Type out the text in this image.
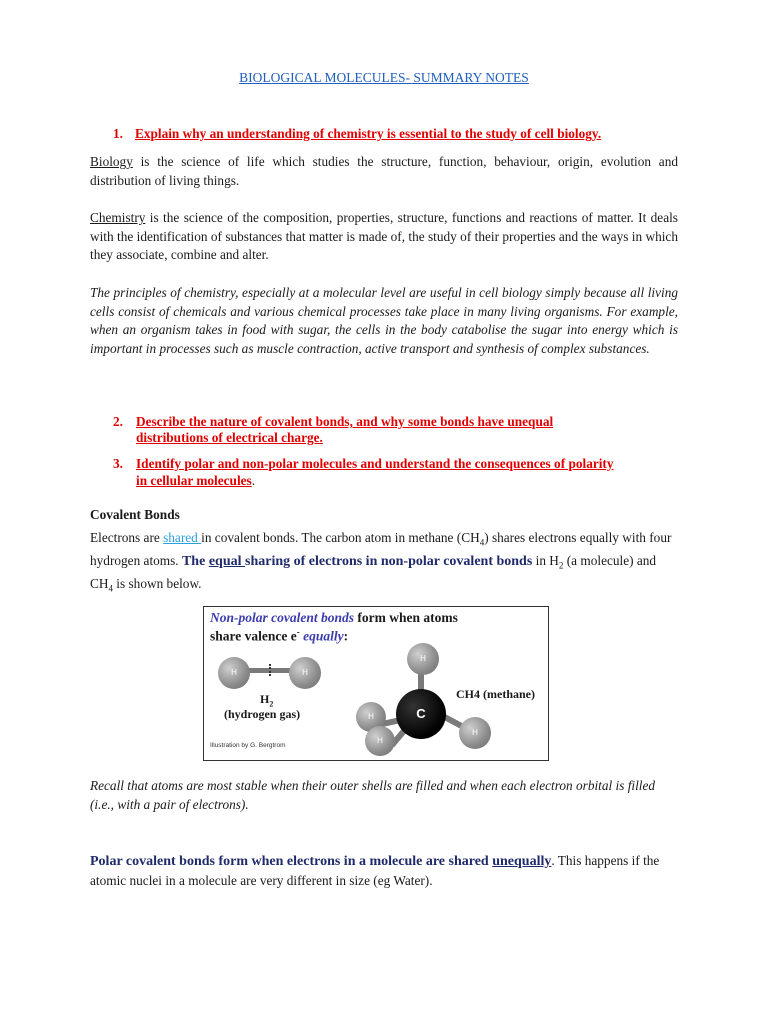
BIOLOGICAL MOLECULES- SUMMARY NOTES
1. Explain why an understanding of chemistry is essential to the study of cell biology.
Biology is the science of life which studies the structure, function, behaviour, origin, evolution and distribution of living things.
Chemistry is the science of the composition, properties, structure, functions and reactions of matter. It deals with the identification of substances that matter is made of, the study of their properties and the ways in which they associate, combine and alter.
The principles of chemistry, especially at a molecular level are useful in cell biology simply because all living cells consist of chemicals and various chemical processes take place in many living organisms. For example, when an organism takes in food with sugar, the cells in the body catabolise the sugar into energy which is important in processes such as muscle contraction, active transport and synthesis of complex substances.
2. Describe the nature of covalent bonds, and why some bonds have unequal
distributions of electrical charge.
3. Identify polar and non-polar molecules and understand the consequences of polarity
in cellular molecules.
Covalent Bonds
Electrons are shared in covalent bonds. The carbon atom in methane $(CH_4)$ shares electrons equally with four hydrogen atoms. The equal sharing of electrons in non-polar covalent bonds in $H_2$ (a molecule) and $CH_4$ is shown below.
Non-polar covalent bonds form when atoms
share valence e- equally:
H	H
$H_2$
(hydrogen gas)
H
C
H
H
H
CH4 (methane)
Illustration by G. Bergtrom
Recall that atoms are most stable when their outer shells are filled and when each electron orbital is filled (i.e., with a pair of electrons).
Polar covalent bonds form when electrons in a molecule are shared unequally. This happens if the atomic nuclei in a molecule are very different in size (eg Water).
